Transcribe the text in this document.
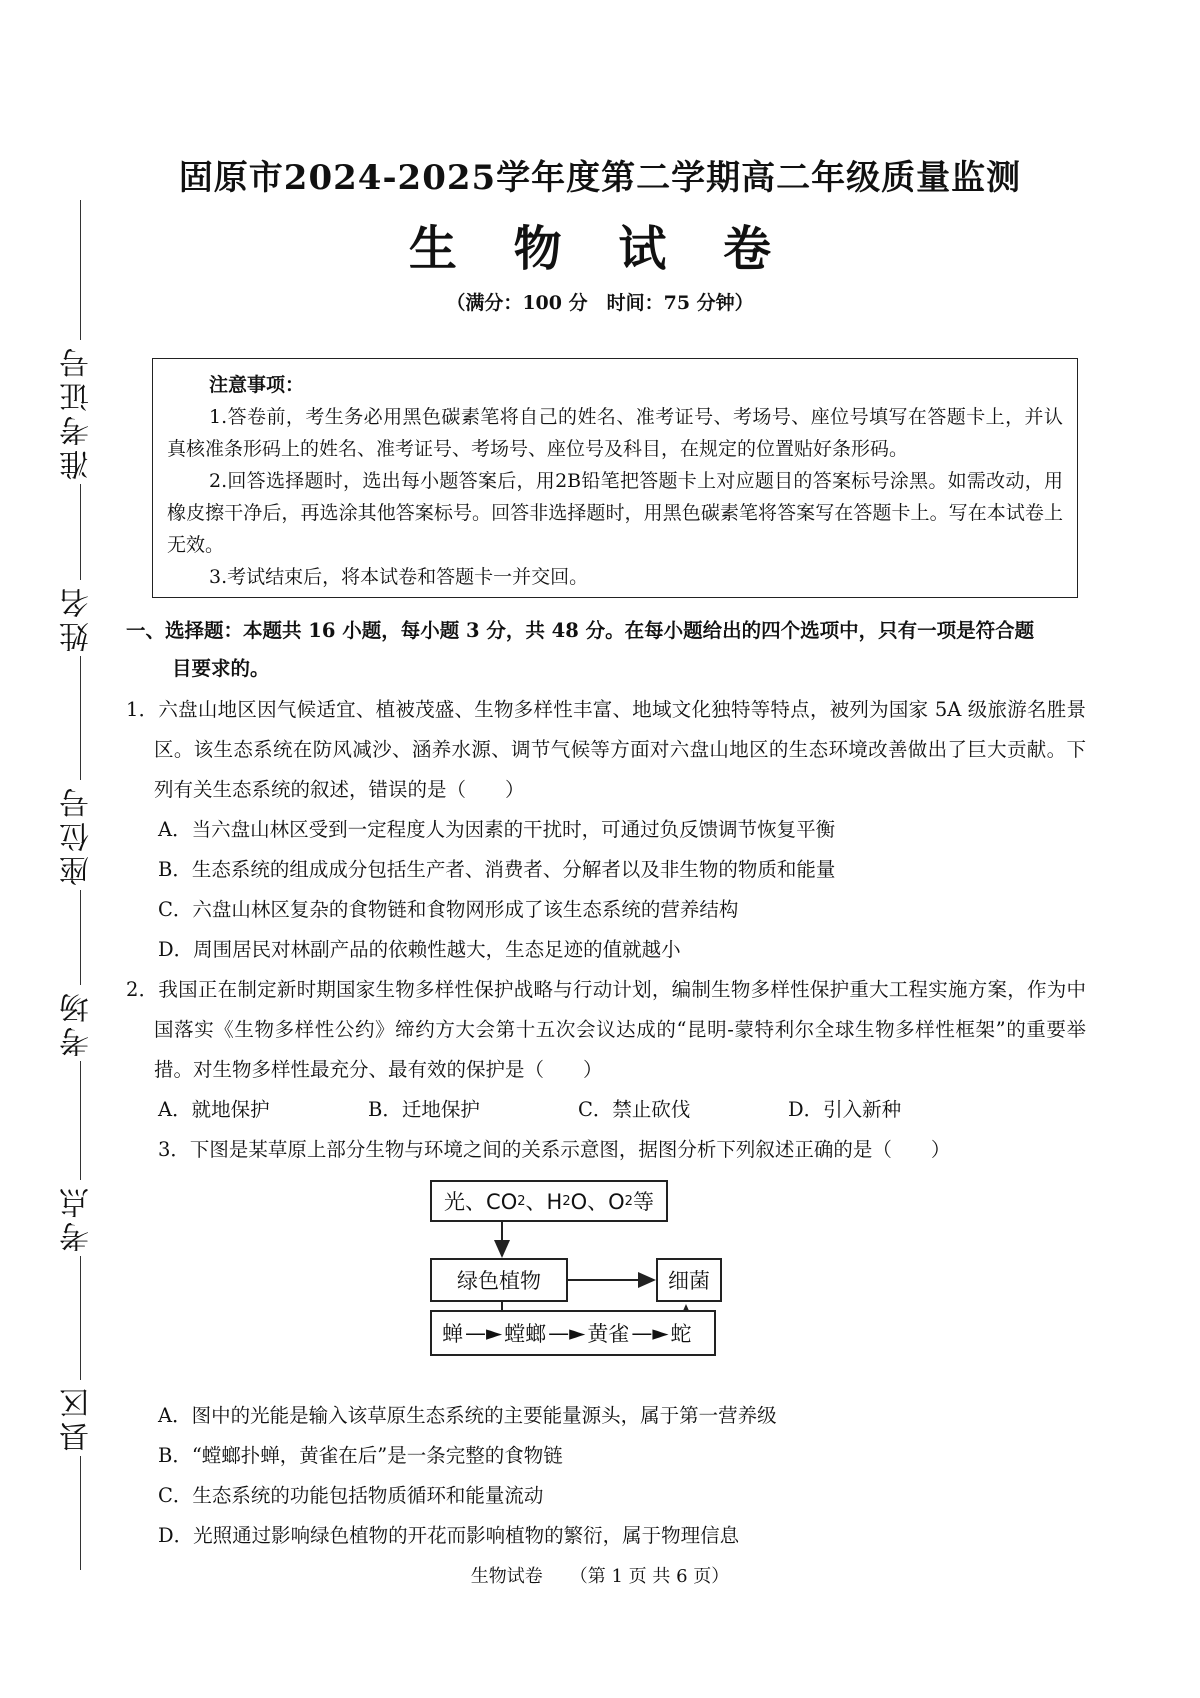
准考证号
姓名
座位号
考场
考点
县区
固原市2024-2025学年度第二学期高二年级质量监测
生 物 试 卷
（满分：100 分　时间：75 分钟）
注意事项：

1.答卷前，考生务必用黑色碳素笔将自己的姓名、准考证号、考场号、座位号填写在答题卡上，并认真核准条形码上的姓名、准考证号、考场号、座位号及科目，在规定的位置贴好条形码。

2.回答选择题时，选出每小题答案后，用2B铅笔把答题卡上对应题目的答案标号涂黑。如需改动，用橡皮擦干净后，再选涂其他答案标号。回答非选择题时，用黑色碳素笔将答案写在答题卡上。写在本试卷上无效。

3.考试结束后，将本试卷和答题卡一并交回。

一、选择题：本题共 16 小题，每小题 3 分，共 48 分。在每小题给出的四个选项中，只有一项是符合题
目要求的。
1．六盘山地区因气候适宜、植被茂盛、生物多样性丰富、地域文化独特等特点，被列为国家 5A 级旅游名胜景区。该生态系统在防风减沙、涵养水源、调节气候等方面对六盘山地区的生态环境改善做出了巨大贡献。下列有关生态系统的叙述，错误的是（　　）
A．当六盘山林区受到一定程度人为因素的干扰时，可通过负反馈调节恢复平衡
B．生态系统的组成成分包括生产者、消费者、分解者以及非生物的物质和能量
C．六盘山林区复杂的食物链和食物网形成了该生态系统的营养结构
D．周围居民对林副产品的依赖性越大，生态足迹的值就越小
2．我国正在制定新时期国家生物多样性保护战略与行动计划，编制生物多样性保护重大工程实施方案，作为中国落实《生物多样性公约》缔约方大会第十五次会议达成的“昆明-蒙特利尔全球生物多样性框架”的重要举措。对生物多样性最充分、最有效的保护是（　　）
A．就地保护	B．迁地保护	C．禁止砍伐	D．引入新种
3．下图是某草原上部分生物与环境之间的关系示意图，据图分析下列叙述正确的是（　　）
光、CO 2 、H 2 O、O 2 等
绿色植物	细菌
蝉 —► 螳螂 —► 黄雀 —► 蛇
A．图中的光能是输入该草原生态系统的主要能量源头，属于第一营养级
B．“螳螂扑蝉，黄雀在后”是一条完整的食物链
C．生态系统的功能包括物质循环和能量流动
D．光照通过影响绿色植物的开花而影响植物的繁衍，属于物理信息
生物试卷　　（第 1 页 共 6 页）
